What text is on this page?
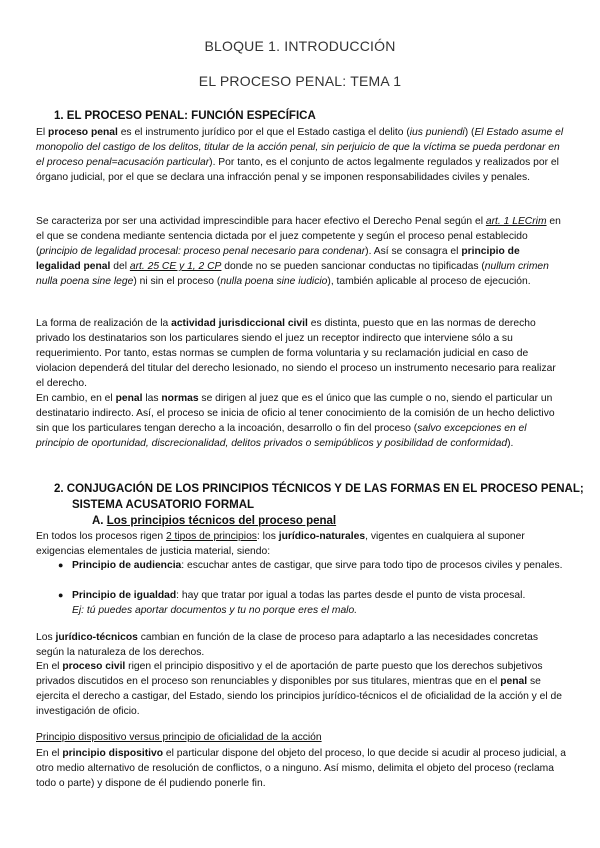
BLOQUE 1. INTRODUCCIÓN
EL PROCESO PENAL: TEMA 1
1. EL PROCESO PENAL: FUNCIÓN ESPECÍFICA

El proceso penal es el instrumento jurídico por el que el Estado castiga el delito (ius puniendi) (El Estado asume el monopolio del castigo de los delitos, titular de la acción penal, sin perjuicio de que la víctima se pueda perdonar en el proceso penal=acusación particular). Por tanto, es el conjunto de actos legalmente regulados y realizados por el órgano judicial, por el que se declara una infracción penal y se imponen responsabilidades civiles y penales.

Se caracteriza por ser una actividad imprescindible para hacer efectivo el Derecho Penal según el art. 1 LECrim en el que se condena mediante sentencia dictada por el juez competente y según el proceso penal establecido (principio de legalidad procesal: proceso penal necesario para condenar). Así se consagra el principio de legalidad penal del art. 25 CE y 1, 2 CP donde no se pueden sancionar conductas no tipificadas (nullum crimen nulla poena sine lege) ni sin el proceso (nulla poena sine iudicio), también aplicable al proceso de ejecución.

La forma de realización de la actividad jurisdiccional civil es distinta, puesto que en las normas de derecho privado los destinatarios son los particulares siendo el juez un receptor indirecto que interviene sólo a su requerimiento. Por tanto, estas normas se cumplen de forma voluntaria y su reclamación judicial en caso de violacion dependerá del titular del derecho lesionado, no siendo el proceso un instrumento necesario para realizar el derecho.

En cambio, en el penal las normas se dirigen al juez que es el único que las cumple o no, siendo el particular un destinatario indirecto. Así, el proceso se inicia de oficio al tener conocimiento de la comisión de un hecho delictivo sin que los particulares tengan derecho a la incoación, desarrollo o fin del proceso (salvo excepciones en el principio de oportunidad, discrecionalidad, delitos privados o semipúblicos y posibilidad de conformidad).

2. CONJUGACIÓN DE LOS PRINCIPIOS TÉCNICOS Y DE LAS FORMAS EN EL PROCESO PENAL;
SISTEMA ACUSATORIO FORMAL
A. Los principios técnicos del proceso penal

En todos los procesos rigen 2 tipos de principios: los jurídico-naturales, vigentes en cualquiera al suponer exigencias elementales de justicia material, siendo:

● Principio de audiencia: escuchar antes de castigar, que sirve para todo tipo de procesos civiles y penales.

● Principio de igualdad: hay que tratar por igual a todas las partes desde el punto de vista procesal.
Ej: tú puedes aportar documentos y tu no porque eres el malo.

Los jurídico-técnicos cambian en función de la clase de proceso para adaptarlo a las necesidades concretas según la naturaleza de los derechos.

En el proceso civil rigen el principio dispositivo y el de aportación de parte puesto que los derechos subjetivos privados discutidos en el proceso son renunciables y disponibles por sus titulares, mientras que en el penal se ejercita el derecho a castigar, del Estado, siendo los principios jurídico-técnicos el de oficialidad de la acción y el de investigación de oficio.

Principio dispositivo versus principio de oficialidad de la acción

En el principio dispositivo el particular dispone del objeto del proceso, lo que decide si acudir al proceso judicial, a otro medio alternativo de resolución de conflictos, o a ninguno. Así mismo, delimita el objeto del proceso (reclama todo o parte) y dispone de él pudiendo ponerle fin.
